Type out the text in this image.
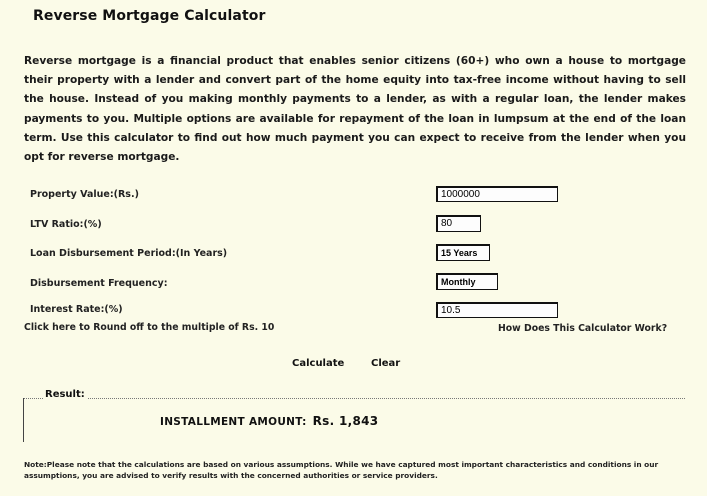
Reverse Mortgage Calculator
Reverse mortgage is a financial product that enables senior citizens (60+) who own a house to mortgage their property with a lender and convert part of the home equity into tax-free income without having to sell the house. Instead of you making monthly payments to a lender, as with a regular loan, the lender makes payments to you. Multiple options are available for repayment of the loan in lumpsum at the end of the loan term. Use this calculator to find out how much payment you can expect to receive from the lender when you opt for reverse mortgage.
Property Value:(Rs.)	1000000
LTV Ratio:(%)	80
Loan Disbursement Period:(In Years)	15 Years
Disbursement Frequency:	Monthly
Interest Rate:(%)	10.5
Click here to Round off to the multiple of Rs. 10	How Does This Calculator Work?
Calculate	Clear
Result:
INSTALLMENT AMOUNT: Rs. 1,843
Note:Please note that the calculations are based on various assumptions. While we have captured most important characteristics and conditions in our assumptions, you are advised to verify results with the concerned authorities or service providers.
